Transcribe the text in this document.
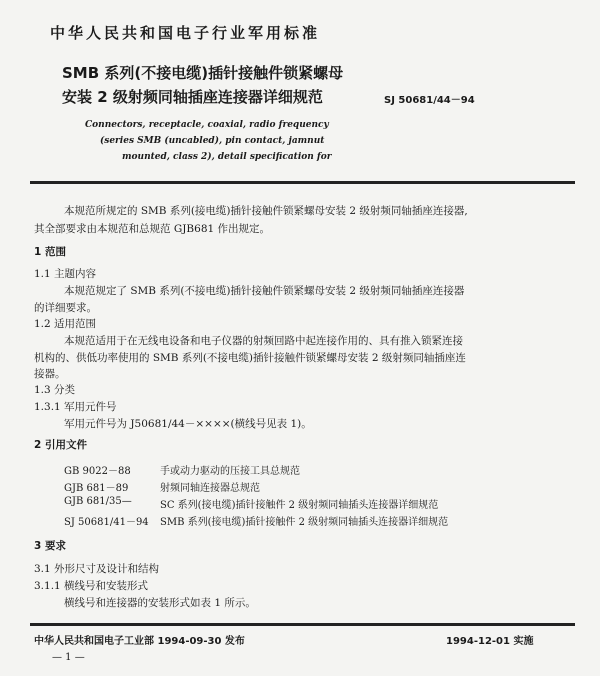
中华人民共和国电子行业军用标准
SMB 系列(不接电缆)插针接触件锁紧螺母
安装 2 级射频同轴插座连接器详细规范	SJ 50681/44－94
Connectors, receptacle, coaxial, radio frequency
(series SMB (uncabled), pin contact, jamnut
mounted, class 2), detail specification for
本规范所规定的 SMB 系列(接电缆)插针接触件锁紧螺母安装 2 级射频同轴插座连接器,
其全部要求由本规范和总规范 GJB681 作出规定。
1 范围
1.1 主题内容
本规范规定了 SMB 系列(不接电缆)插针接触件锁紧螺母安装 2 级射频同轴插座连接器
的详细要求。
1.2 适用范围
本规范适用于在无线电设备和电子仪器的射频回路中起连接作用的、具有推入锁紧连接
机构的、供低功率使用的 SMB 系列(不接电缆)插针接触件锁紧螺母安装 2 级射频同轴插座连
接器。
1.3 分类
1.3.1 军用元件号
军用元件号为 J50681/44－××××(横线号见表 1)。
2 引用文件
GB 9022－88	手或动力驱动的压接工具总规范
GJB 681－89	射频同轴连接器总规范
GJB 681/35—	SC 系列(接电缆)插针接触件 2 级射频同轴插头连接器详细规范
SJ 50681/41－94 SMB 系列(接电缆)插针接触件 2 级射频同轴插头连接器详细规范
3 要求
3.1 外形尺寸及设计和结构
3.1.1 横线号和安装形式
横线号和连接器的安装形式如表 1 所示。
中华人民共和国电子工业部 1994-09-30 发布	1994-12-01 实施
— 1 —
